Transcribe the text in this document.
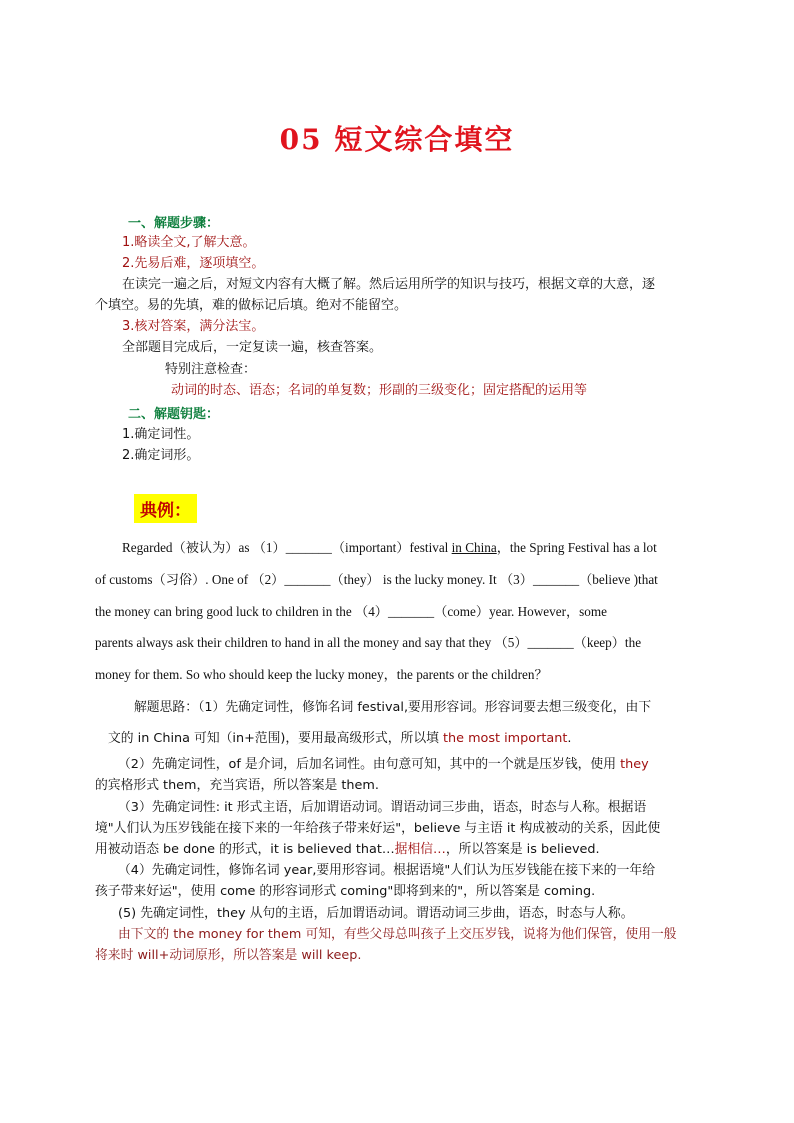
05 短文综合填空
一、解题步骤：
1.略读全文,了解大意。
2.先易后难，逐项填空。
在读完一遍之后，对短文内容有大概了解。然后运用所学的知识与技巧，根据文章的大意，逐
个填空。易的先填，难的做标记后填。绝对不能留空。
3.核对答案，满分法宝。
全部题目完成后，一定复读一遍，核查答案。
特别注意检查：
动词的时态、语态；名词的单复数；形副的三级变化；固定搭配的运用等
二、解题钥匙：
1.确定词性。
2.确定词形。
典例：
Regarded（被认为）as （1）_______（important）festival in China，the Spring Festival has a lot
of customs（习俗）. One of （2）_______（they） is the lucky money. It （3）_______（believe )that
the money can bring good luck to children in the （4）_______（come）year. However，some
parents always ask their children to hand in all the money and say that they （5）_______（keep）the
money for them. So who should keep the lucky money，the parents or the children？
解题思路：（1）先确定词性，修饰名词 festival,要用形容词。形容词要去想三级变化，由下
文的 in China 可知（in+范围)，要用最高级形式，所以填 the most important.
（2）先确定词性，of 是介词，后加名词性。由句意可知，其中的一个就是压岁钱，使用 they
的宾格形式 them，充当宾语，所以答案是 them.
（3）先确定词性: it 形式主语，后加谓语动词。谓语动词三步曲，语态，时态与人称。根据语
境"人们认为压岁钱能在接下来的一年给孩子带来好运"，believe 与主语 it 构成被动的关系，因此使
用被动语态 be done 的形式，it is believed that…据相信…，所以答案是 is believed.
（4）先确定词性，修饰名词 year,要用形容词。根据语境"人们认为压岁钱能在接下来的一年给
孩子带来好运"，使用 come 的形容词形式 coming"即将到来的"，所以答案是 coming.
(5) 先确定词性，they 从句的主语，后加谓语动词。谓语动词三步曲，语态，时态与人称。
由下文的 the money for them 可知，有些父母总叫孩子上交压岁钱，说将为他们保管，使用一般
将来时 will+动词原形，所以答案是 will keep.
